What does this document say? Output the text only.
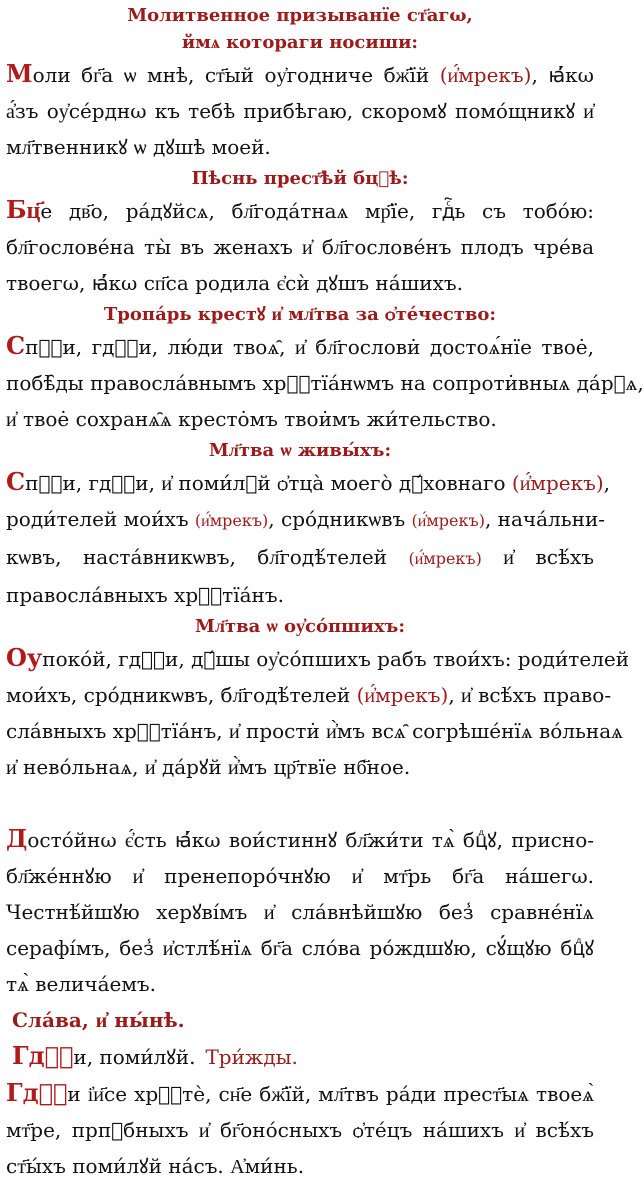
Молитвенное призыванїе ст҃агω,
ймѧ котораги носиши:
Моли бг҃а ѡ мнѣ, ст҃ый оу҆годниче бж҃їй (и҆́мрекъ), ꙗ҆́кω
а҆́зъ оу҆се́рднω къ тебѣ прибѣгаю, скоромꙋ помо́щникꙋ и҆
мл҃твенникꙋ ѡ дꙋшѣ моей.
Пѣснь прест҃ѣй бцⷣѣ:
Бц҃е дв҃о, ра́дꙋйсѧ, бл҃года́тнаѧ мр҃їе, гдⷭ҇ь съ тобо́ю:
бл҃гослове́на ты̀ въ женахъ и҆ бл҃гослове́нъ плодъ чре́ва
твоегω, ꙗ҆́кω сп҃са родила є҆сѝ дꙋшъ на́шихъ.
Тропа́рь крестꙋ и҆ мл҃тва за ѻ҆те́чество:
Спⷭ҇и, гдⷭ҇и, лю́ди твоѧ̑, и҆ бл҃гослови̇ достоѧ́нїе твое̇,
побѣ̑ды правосла́внымъ хрⷭ҇тїа́нѡмъ на сопроти̇вныѧ да́рꙋѧ,
и҆ твое̇ сохранѧ̑ѧ кресто̇мъ твои̇мъ жи́тельство.
Мл҃тва ѡ живы́хъ:
Спⷭ҇и, гдⷭ҇и, и҆ поми́лꙋй ѻ҆тца̀ моего̀ дꙋ́ховнаго (и҆́мрекъ),
роди́телей мои́хъ (и҆́мрекъ), сро́дникѡвъ (и҆́мрекъ), нача́льни-
кѡвъ, наста́вникѡвъ, бл҃годѣ́телей (и҆́мрекъ) и҆ всѣ́хъ
правосла́вныхъ хрⷭ҇тїа́нъ.
Мл҃тва ѡ оу҆со́пшихъ:
Оупоко́й, гдⷭ҇и, дꙋ́шы оу҆со́пшихъ рабъ твои́хъ: роди́телей
мои́хъ, сро́дникѡвъ, бл҃годѣ́телей (и҆́мрекъ), и҆ всѣ́хъ право-
сла́вныхъ хрⷭ҇тїа́нъ, и҆ прости̇ и҆̀мъ всѧ̑ согрѣше́нїѧ во́льнаѧ
и҆ нево́льнаѧ, и҆ да́рꙋй и҆̀мъ цр҃твїе нб҃ное.
Досто́йнω є҆́сть ꙗ҆́кω вои́стиннꙋ бл҃жи́ти тѧ̀ бцⷣꙋ, присно-
бл҃же́ннꙋю и҆ пренепоро́чнꙋю и҆ мт҃рь бг҃а на́шегω.
Честнѣ́йшꙋю херꙋві́мъ и҆ сла́внѣйшꙋю без̾ сравне́нїѧ
серафі́мъ, без̾ и҆стлѣ́нїѧ бг҃а сло́ва ро́ждшꙋю, сꙋ́щꙋю бцⷣꙋ
тѧ̀ велича́емъ.
Сла́ва, и҆ ны́нѣ.
Гдⷭ҇и, поми́лꙋй. Три́жды.
Гдⷭ҇и і҆и҃се хрⷭ҇тѐ, сн҃е бж҃їй, мл҃твъ ра́ди прест҃ыѧ твоеѧ̀
мт҃ре, прпⷣбныхъ и҆ бг҃оно́сныхъ ѻ҆те́цъ на́шихъ и҆ всѣ́хъ
ст҃ы́хъ поми́лꙋй на́съ. А҆ми́нь.
